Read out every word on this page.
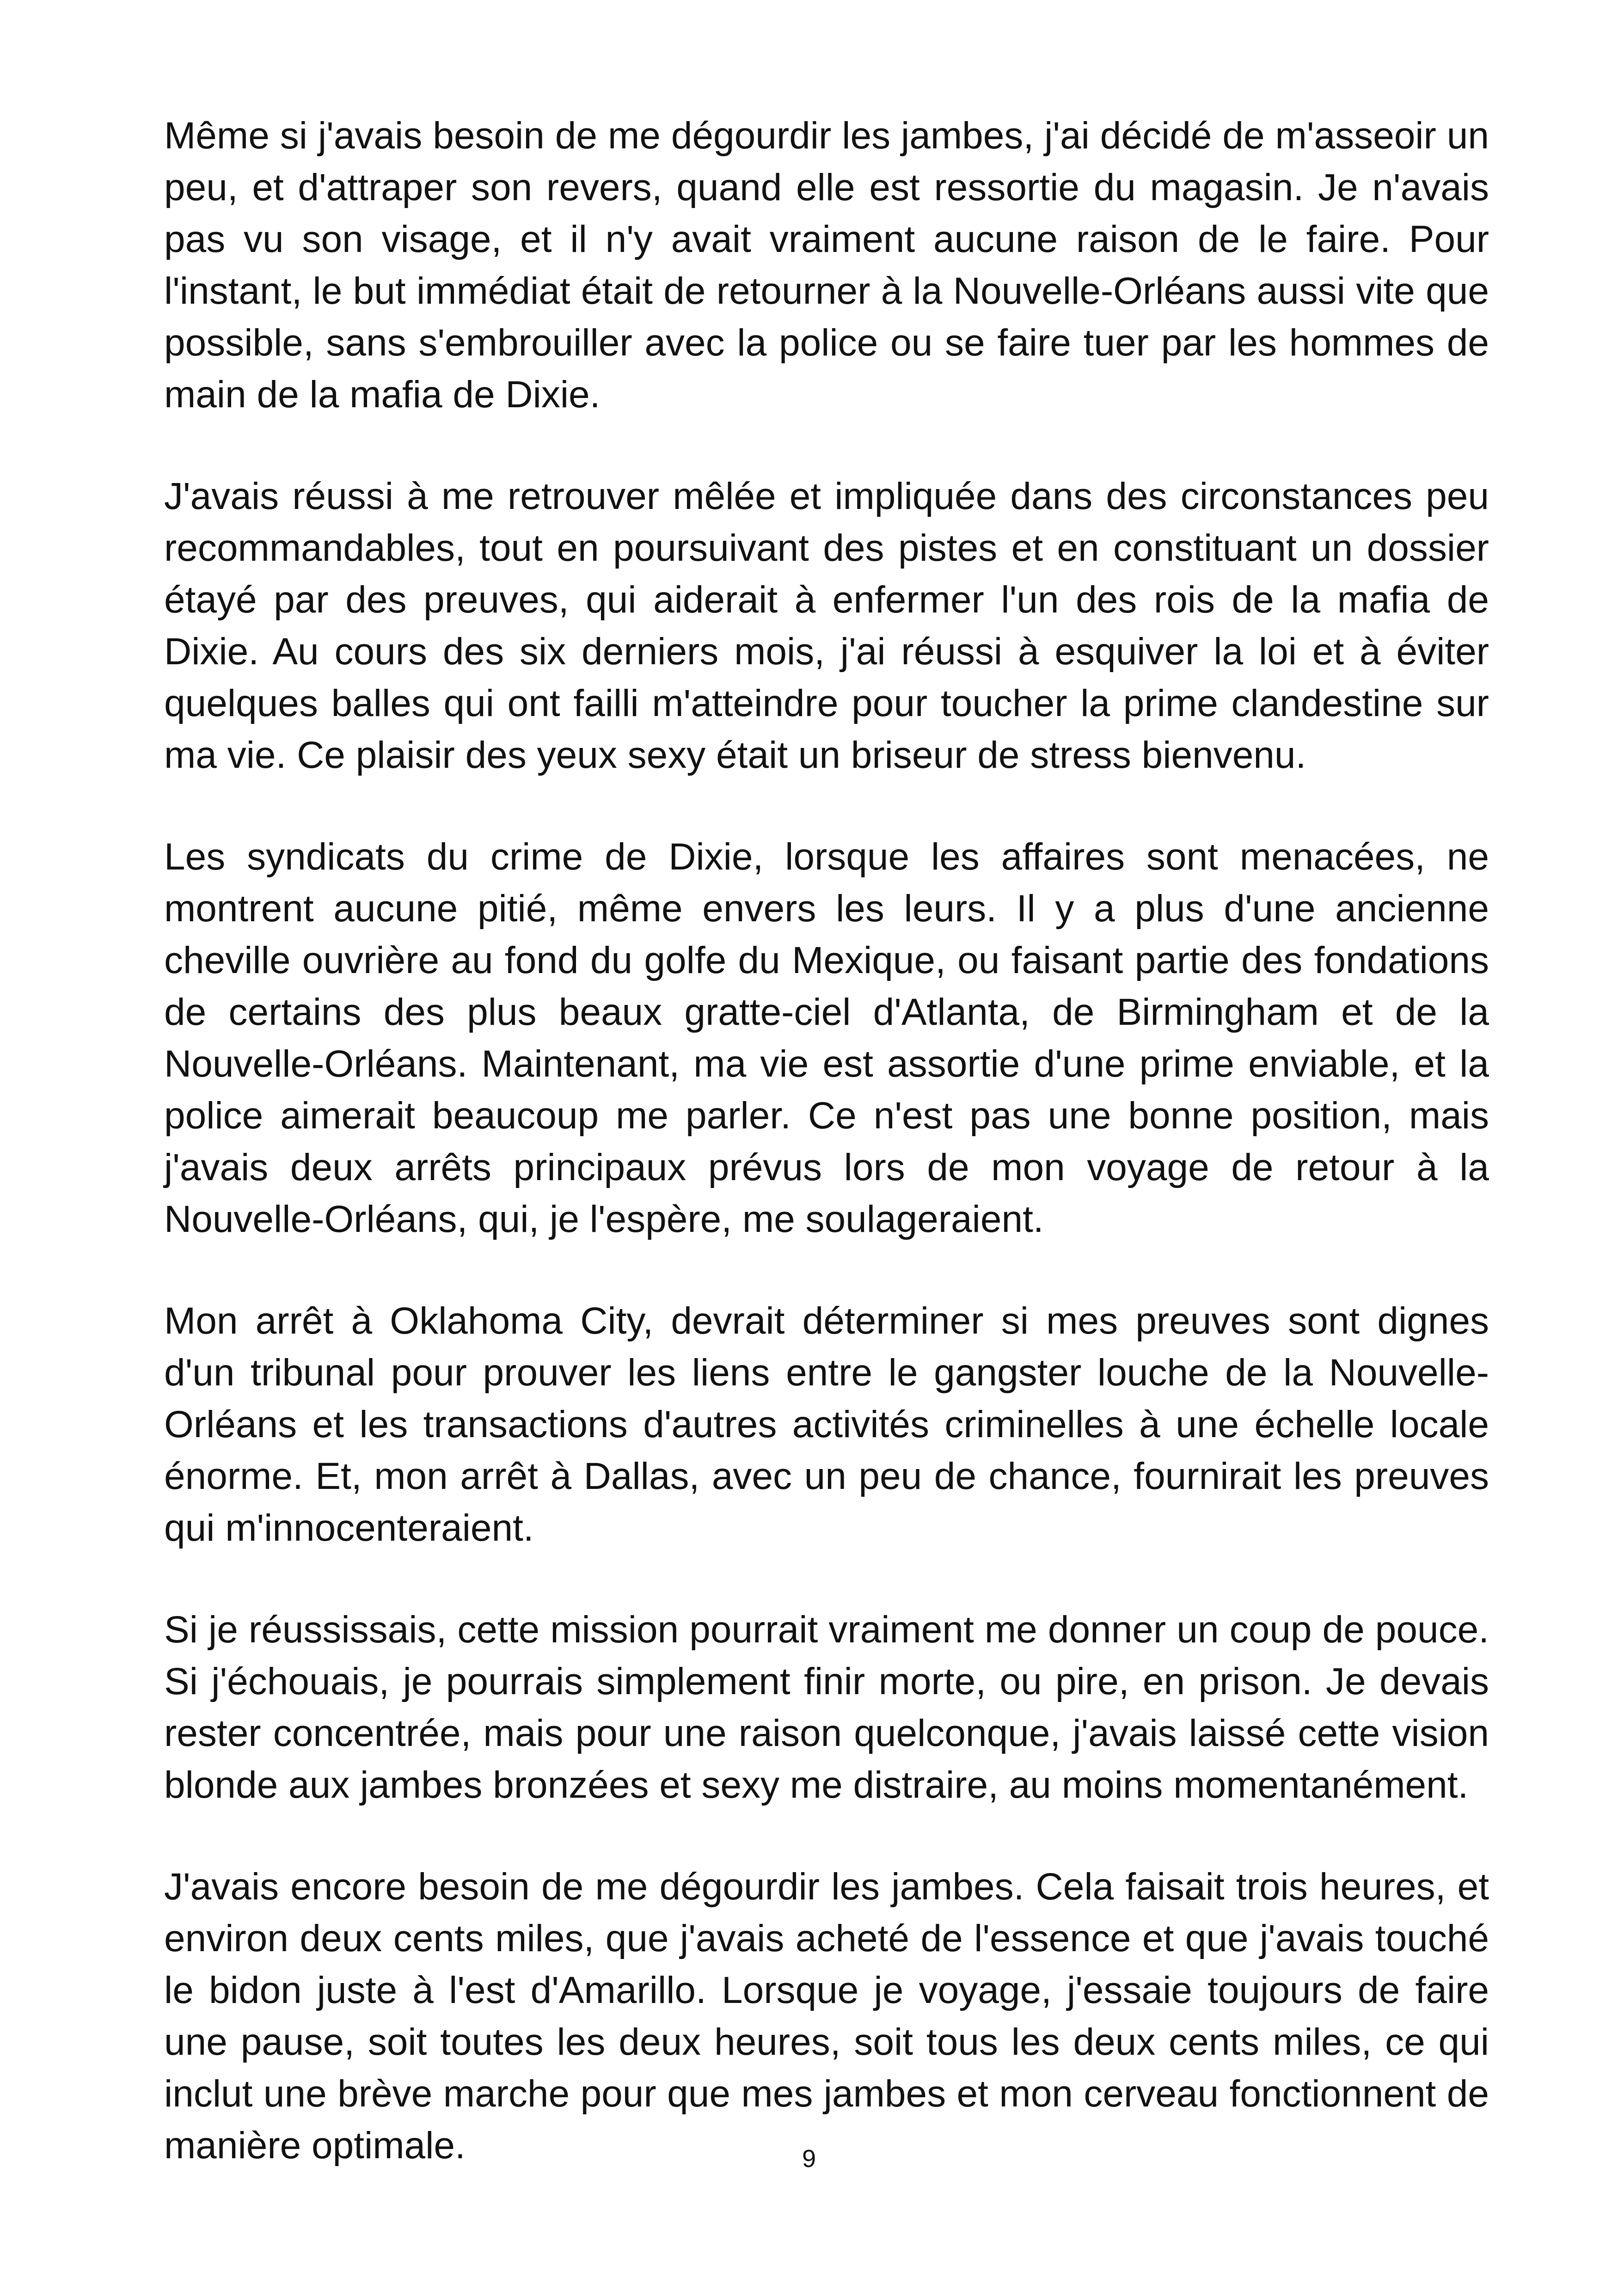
Même si j'avais besoin de me dégourdir les jambes, j'ai décidé de m'asseoir un peu, et d'attraper son revers, quand elle est ressortie du magasin. Je n'avais pas vu son visage, et il n'y avait vraiment aucune raison de le faire. Pour l'instant, le but immédiat était de retourner à la Nouvelle-Orléans aussi vite que possible, sans s'embrouiller avec la police ou se faire tuer par les hommes de main de la mafia de Dixie.

J'avais réussi à me retrouver mêlée et impliquée dans des circonstances peu recommandables, tout en poursuivant des pistes et en constituant un dossier étayé par des preuves, qui aiderait à enfermer l'un des rois de la mafia de Dixie. Au cours des six derniers mois, j'ai réussi à esquiver la loi et à éviter quelques balles qui ont failli m'atteindre pour toucher la prime clandestine sur ma vie. Ce plaisir des yeux sexy était un briseur de stress bienvenu.

Les syndicats du crime de Dixie, lorsque les affaires sont menacées, ne montrent aucune pitié, même envers les leurs. Il y a plus d'une ancienne cheville ouvrière au fond du golfe du Mexique, ou faisant partie des fondations de certains des plus beaux gratte-ciel d'Atlanta, de Birmingham et de la Nouvelle-Orléans. Maintenant, ma vie est assortie d'une prime enviable, et la police aimerait beaucoup me parler. Ce n'est pas une bonne position, mais j'avais deux arrêts principaux prévus lors de mon voyage de retour à la Nouvelle-Orléans, qui, je l'espère, me soulageraient.

Mon arrêt à Oklahoma City, devrait déterminer si mes preuves sont dignes d'un tribunal pour prouver les liens entre le gangster louche de la Nouvelle-Orléans et les transactions d'autres activités criminelles à une échelle locale énorme. Et, mon arrêt à Dallas, avec un peu de chance, fournirait les preuves qui m'innocenteraient.

Si je réussissais, cette mission pourrait vraiment me donner un coup de pouce. Si j'échouais, je pourrais simplement finir morte, ou pire, en prison. Je devais rester concentrée, mais pour une raison quelconque, j'avais laissé cette vision blonde aux jambes bronzées et sexy me distraire, au moins momentanément.

J'avais encore besoin de me dégourdir les jambes. Cela faisait trois heures, et environ deux cents miles, que j'avais acheté de l'essence et que j'avais touché le bidon juste à l'est d'Amarillo. Lorsque je voyage, j'essaie toujours de faire une pause, soit toutes les deux heures, soit tous les deux cents miles, ce qui inclut une brève marche pour que mes jambes et mon cerveau fonctionnent de manière optimale.	9
